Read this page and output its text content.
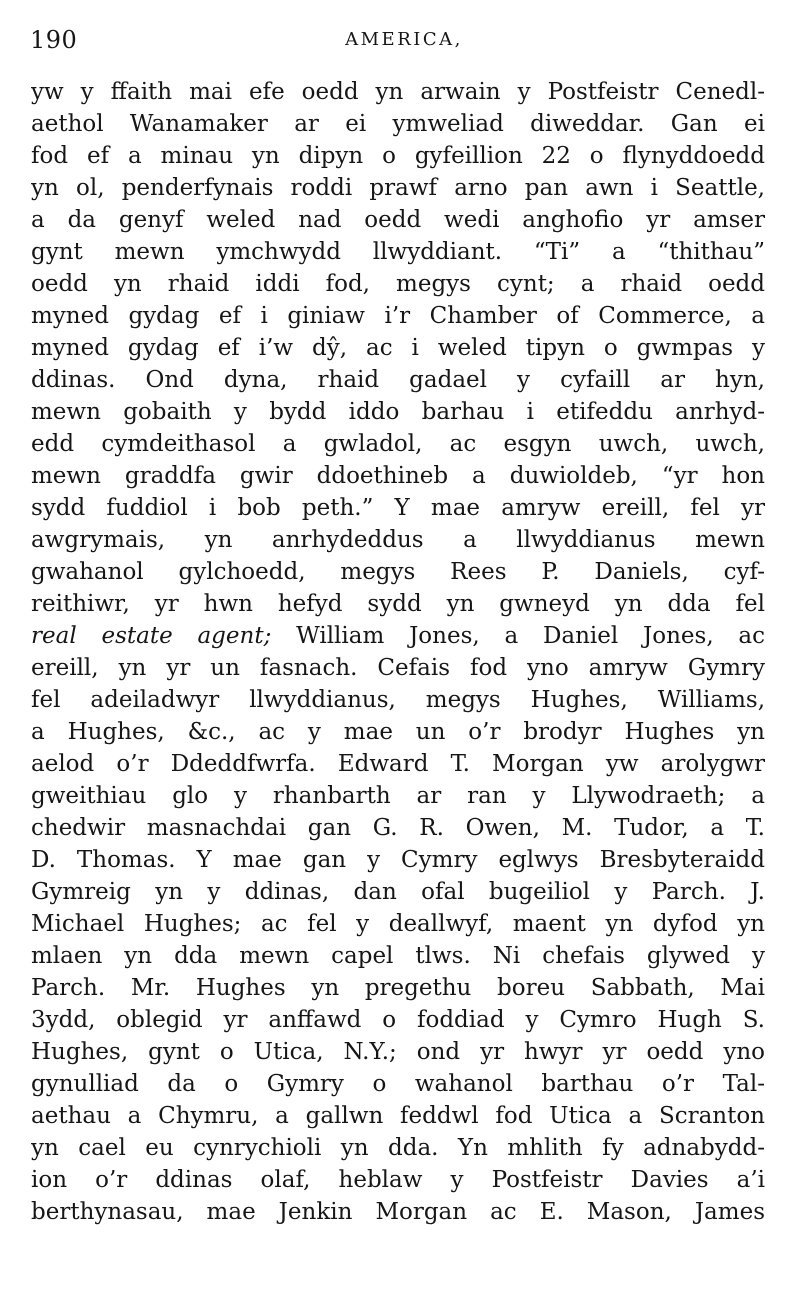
190	AMERICA,
yw y ffaith mai efe oedd yn arwain y Postfeistr Cenedl-
aethol Wanamaker ar ei ymweliad diweddar. Gan ei
fod ef a minau yn dipyn o gyfeillion 22 o flynyddoedd
yn ol, penderfynais roddi prawf arno pan awn i Seattle,
a da genyf weled nad oedd wedi anghofio yr amser
gynt mewn ymchwydd llwyddiant. “Ti” a “thithau”
oedd yn rhaid iddi fod, megys cynt; a rhaid oedd
myned gydag ef i giniaw i’r Chamber of Commerce, a
myned gydag ef i’w dŷ, ac i weled tipyn o gwmpas y
ddinas. Ond dyna, rhaid gadael y cyfaill ar hyn,
mewn gobaith y bydd iddo barhau i etifeddu anrhyd-
edd cymdeithasol a gwladol, ac esgyn uwch, uwch,
mewn graddfa gwir ddoethineb a duwioldeb, “yr hon
sydd fuddiol i bob peth.” Y mae amryw ereill, fel yr
awgrymais, yn anrhydeddus a llwyddianus mewn
gwahanol gylchoedd, megys Rees P. Daniels, cyf-
reithiwr, yr hwn hefyd sydd yn gwneyd yn dda fel
real estate agent; William Jones, a Daniel Jones, ac
ereill, yn yr un fasnach. Cefais fod yno amryw Gymry
fel adeiladwyr llwyddianus, megys Hughes, Williams,
a Hughes, &c., ac y mae un o’r brodyr Hughes yn
aelod o’r Ddeddfwrfa. Edward T. Morgan yw arolygwr
gweithiau glo y rhanbarth ar ran y Llywodraeth; a
chedwir masnachdai gan G. R. Owen, M. Tudor, a T.
D. Thomas. Y mae gan y Cymry eglwys Bresbyteraidd
Gymreig yn y ddinas, dan ofal bugeiliol y Parch. J.
Michael Hughes; ac fel y deallwyf, maent yn dyfod yn
mlaen yn dda mewn capel tlws. Ni chefais glywed y
Parch. Mr. Hughes yn pregethu boreu Sabbath, Mai
3ydd, oblegid yr anffawd o foddiad y Cymro Hugh S.
Hughes, gynt o Utica, N.Y.; ond yr hwyr yr oedd yno
gynulliad da o Gymry o wahanol barthau o’r Tal-
aethau a Chymru, a gallwn feddwl fod Utica a Scranton
yn cael eu cynrychioli yn dda. Yn mhlith fy adnabydd-
ion o’r ddinas olaf, heblaw y Postfeistr Davies a’i
berthynasau, mae Jenkin Morgan ac E. Mason, James
